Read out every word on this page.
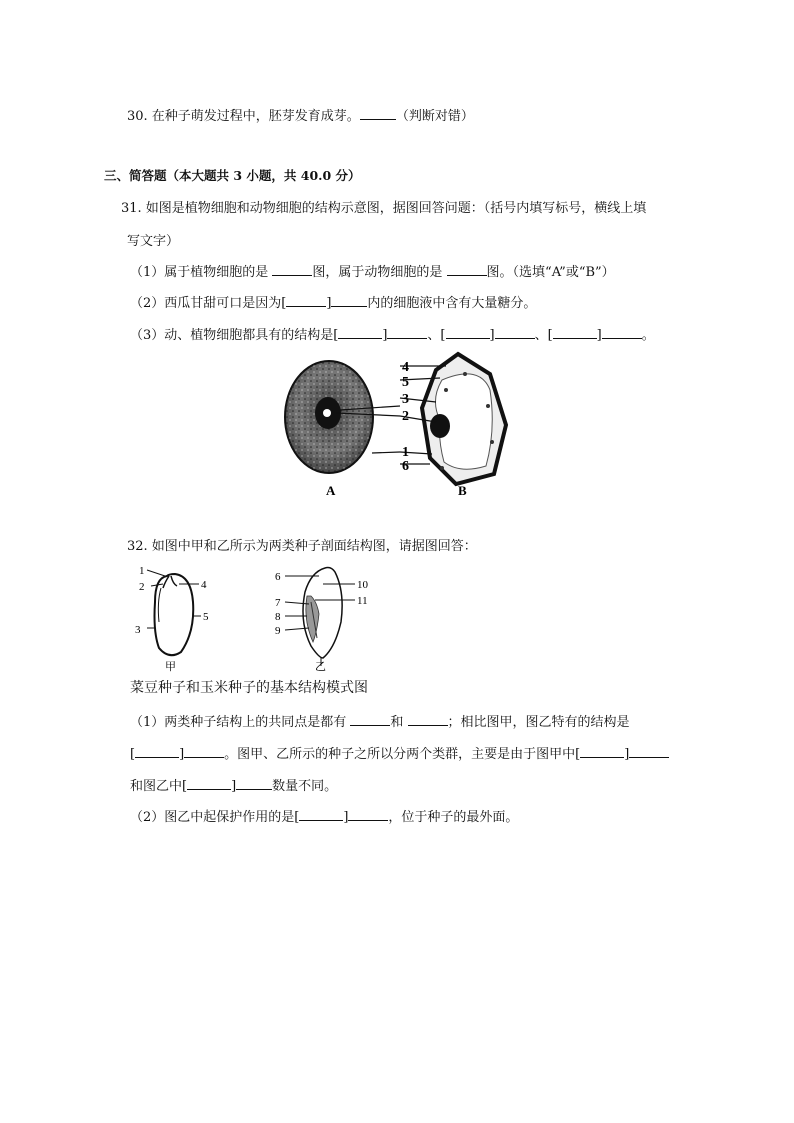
30. 在种子萌发过程中，胚芽发育成芽。	（判断对错）
三、简答题（本大题共 3 小题，共 40.0 分）
31. 如图是植物细胞和动物细胞的结构示意图，据图回答问题：（括号内填写标号，横线上填
写文字）
（1）属于植物细胞的是	图，属于动物细胞的是	图。（选填“A”或“B”）
（2）西瓜甘甜可口是因为[	]	内的细胞液中含有大量糖分。
（3）动、植物细胞都具有的结构是[	]	、[	]	、[	]	。
A
4
5
3
2
1
6
B
32. 如图中甲和乙所示为两类种子剖面结构图，请据图回答：
1
2
3
4
5
甲
6
7
8
9
10
11
乙
菜豆种子和玉米种子的基本结构模式图
（1）两类种子结构上的共同点是都有	和	；相比图甲，图乙特有的结构是
[	]	。图甲、乙所示的种子之所以分两个类群，主要是由于图甲中[	]
和图乙中[	]	数量不同。
（2）图乙中起保护作用的是[	]	，位于种子的最外面。
